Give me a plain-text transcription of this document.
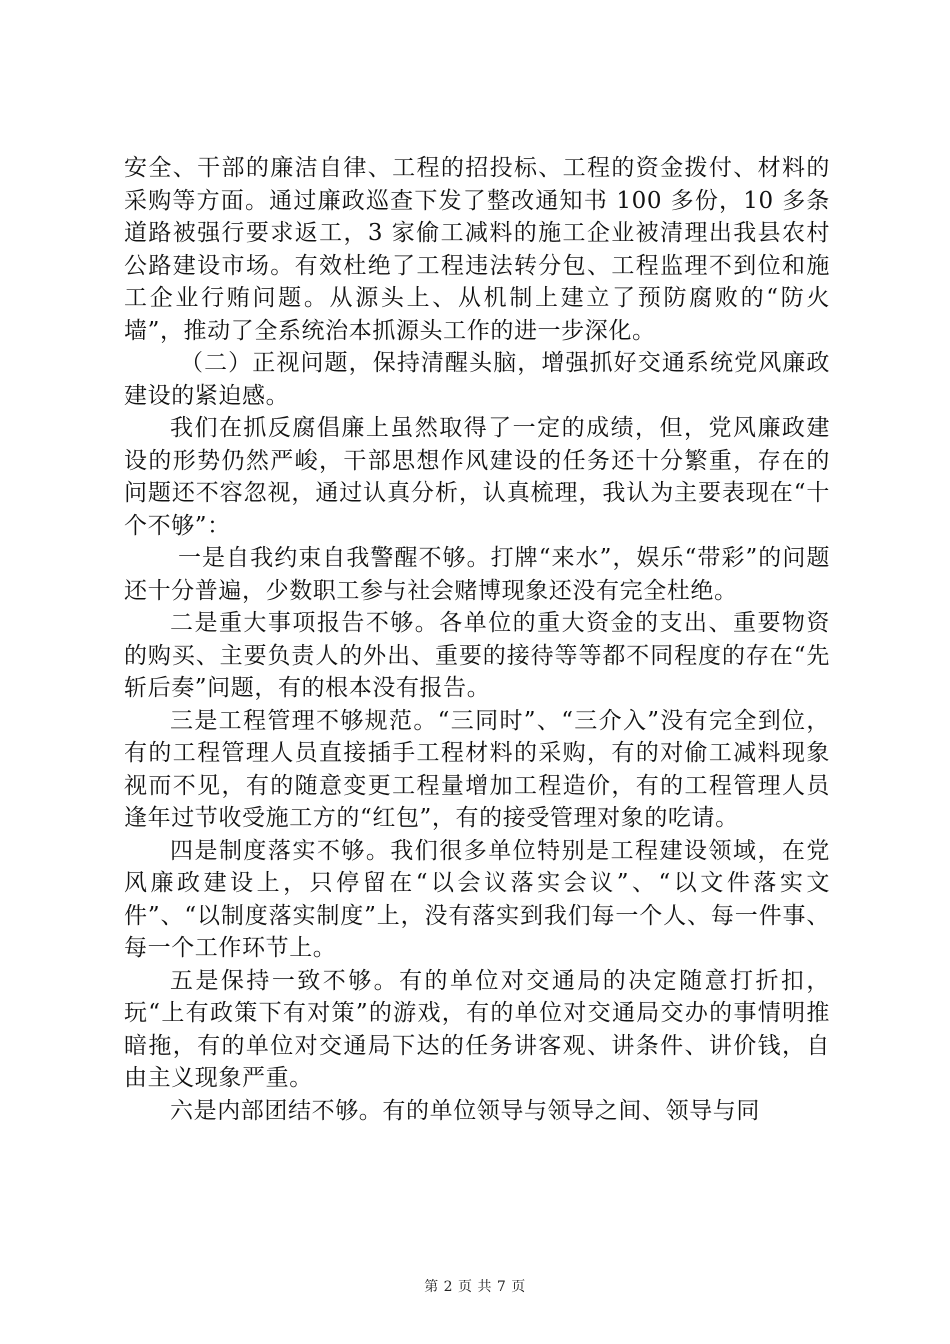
安全、干部的廉洁自律、工程的招投标、工程的资金拨付、材料的采购等方面。通过廉政巡查下发了整改通知书 100 多份，10 多条道路被强行要求返工，3 家偷工减料的施工企业被清理出我县农村公路建设市场。有效杜绝了工程违法转分包、工程监理不到位和施工企业行贿问题。从源头上、从机制上建立了预防腐败的“防火墙”，推动了全系统治本抓源头工作的进一步深化。

（二）正视问题，保持清醒头脑，增强抓好交通系统党风廉政建设的紧迫感。

我们在抓反腐倡廉上虽然取得了一定的成绩，但，党风廉政建设的形势仍然严峻，干部思想作风建设的任务还十分繁重，存在的问题还不容忽视，通过认真分析，认真梳理，我认为主要表现在“十个不够”：

一是自我约束自我警醒不够。打牌“来水”，娱乐“带彩”的问题还十分普遍，少数职工参与社会赌博现象还没有完全杜绝。

二是重大事项报告不够。各单位的重大资金的支出、重要物资的购买、主要负责人的外出、重要的接待等等都不同程度的存在“先斩后奏”问题，有的根本没有报告。

三是工程管理不够规范。“三同时”、“三介入”没有完全到位，有的工程管理人员直接插手工程材料的采购，有的对偷工减料现象视而不见，有的随意变更工程量增加工程造价，有的工程管理人员逢年过节收受施工方的“红包”，有的接受管理对象的吃请。

四是制度落实不够。我们很多单位特别是工程建设领域，在党风廉政建设上，只停留在“以会议落实会议”、“以文件落实文件”、“以制度落实制度”上，没有落实到我们每一个人、每一件事、每一个工作环节上。

五是保持一致不够。有的单位对交通局的决定随意打折扣，玩“上有政策下有对策”的游戏，有的单位对交通局交办的事情明推暗拖，有的单位对交通局下达的任务讲客观、讲条件、讲价钱，自由主义现象严重。

六是内部团结不够。有的单位领导与领导之间、领导与同

第 2 页 共 7 页
